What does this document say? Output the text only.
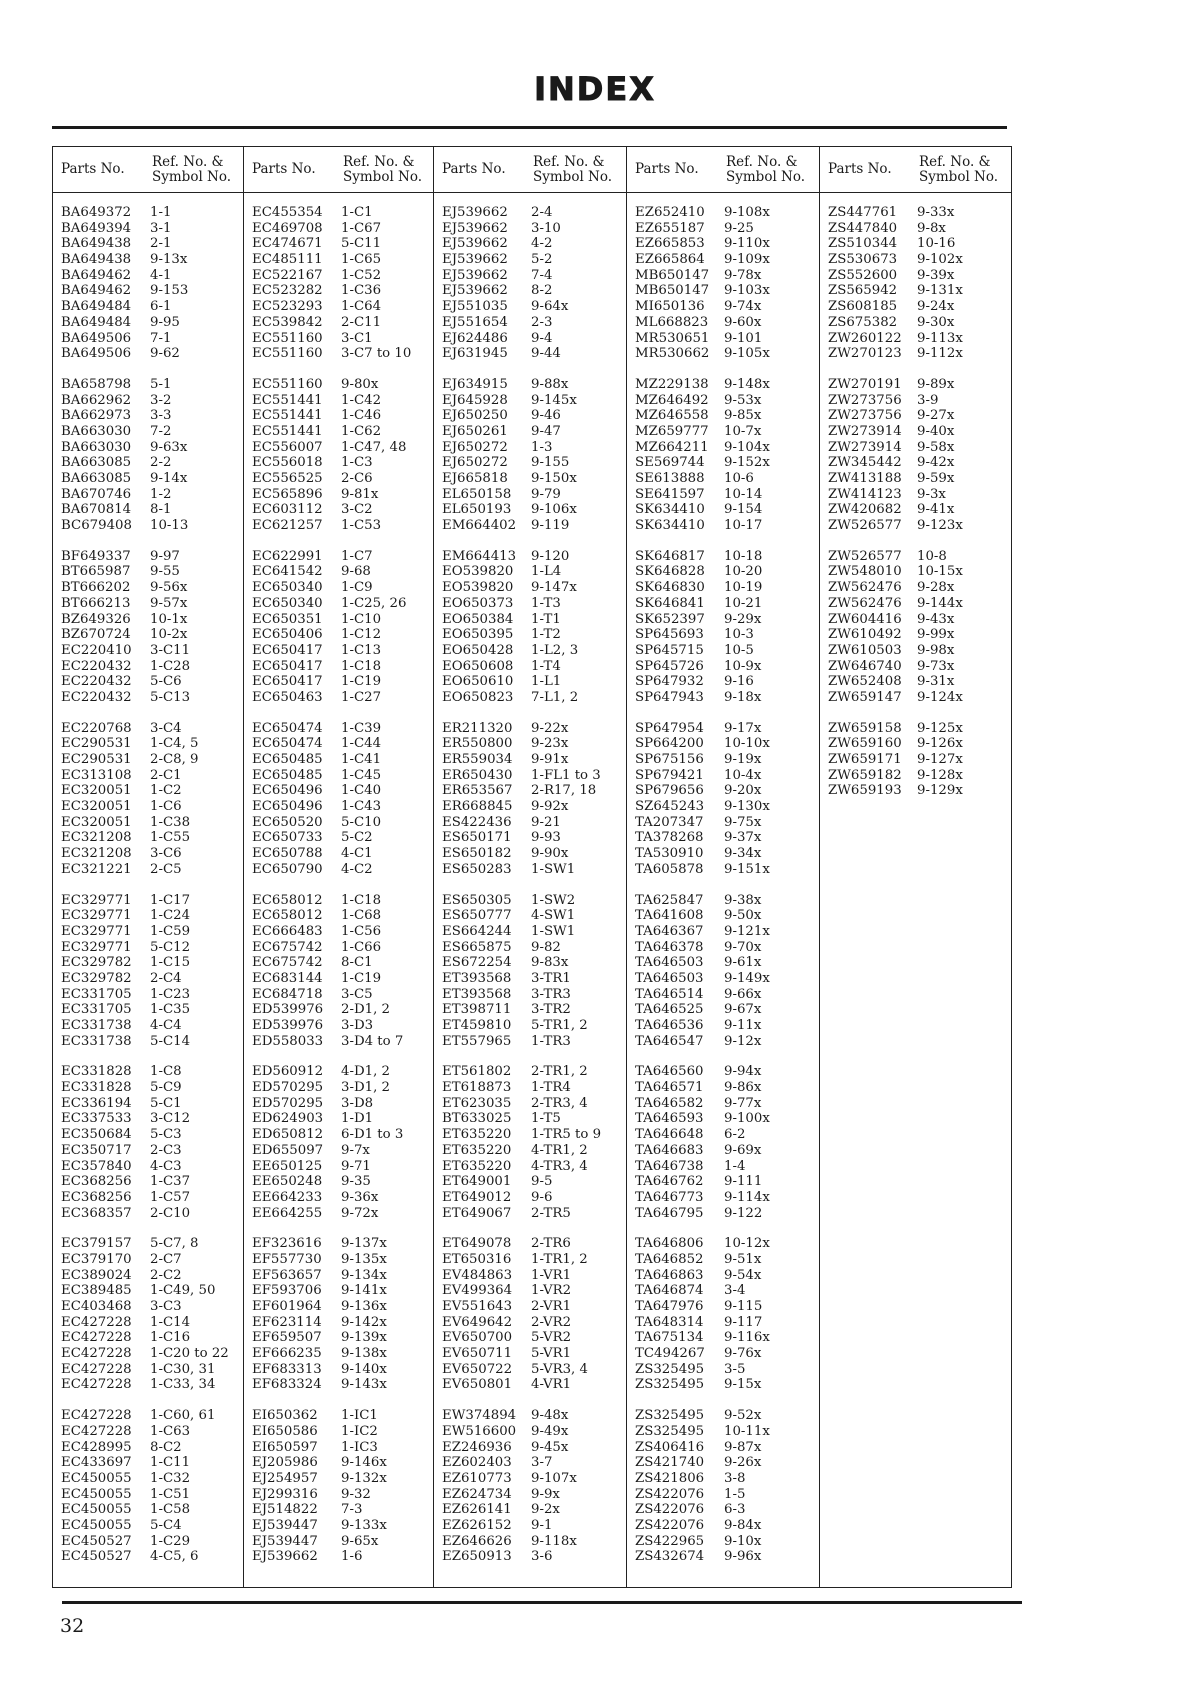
INDEX
Parts No.	Ref. No. &
Symbol No.
BA649372	1-1
BA649394	3-1
BA649438	2-1
BA649438	9-13x
BA649462	4-1
BA649462	9-153
BA649484	6-1
BA649484	9-95
BA649506	7-1
BA649506	9-62
BA658798	5-1
BA662962	3-2
BA662973	3-3
BA663030	7-2
BA663030	9-63x
BA663085	2-2
BA663085	9-14x
BA670746	1-2
BA670814	8-1
BC679408	10-13
BF649337	9-97
BT665987	9-55
BT666202	9-56x
BT666213	9-57x
BZ649326	10-1x
BZ670724	10-2x
EC220410	3-C11
EC220432	1-C28
EC220432	5-C6
EC220432	5-C13
EC220768	3-C4
EC290531	1-C4, 5
EC290531	2-C8, 9
EC313108	2-C1
EC320051	1-C2
EC320051	1-C6
EC320051	1-C38
EC321208	1-C55
EC321208	3-C6
EC321221	2-C5
EC329771	1-C17
EC329771	1-C24
EC329771	1-C59
EC329771	5-C12
EC329782	1-C15
EC329782	2-C4
EC331705	1-C23
EC331705	1-C35
EC331738	4-C4
EC331738	5-C14
EC331828	1-C8
EC331828	5-C9
EC336194	5-C1
EC337533	3-C12
EC350684	5-C3
EC350717	2-C3
EC357840	4-C3
EC368256	1-C37
EC368256	1-C57
EC368357	2-C10
EC379157	5-C7, 8
EC379170	2-C7
EC389024	2-C2
EC389485	1-C49, 50
EC403468	3-C3
EC427228	1-C14
EC427228	1-C16
EC427228	1-C20 to 22
EC427228	1-C30, 31
EC427228	1-C33, 34
EC427228	1-C60, 61
EC427228	1-C63
EC428995	8-C2
EC433697	1-C11
EC450055	1-C32
EC450055	1-C51
EC450055	1-C58
EC450055	5-C4
EC450527	1-C29
EC450527	4-C5, 6
Parts No.	Ref. No. &
Symbol No.
EC455354	1-C1
EC469708	1-C67
EC474671	5-C11
EC485111	1-C65
EC522167	1-C52
EC523282	1-C36
EC523293	1-C64
EC539842	2-C11
EC551160	3-C1
EC551160	3-C7 to 10
EC551160	9-80x
EC551441	1-C42
EC551441	1-C46
EC551441	1-C62
EC556007	1-C47, 48
EC556018	1-C3
EC556525	2-C6
EC565896	9-81x
EC603112	3-C2
EC621257	1-C53
EC622991	1-C7
EC641542	9-68
EC650340	1-C9
EC650340	1-C25, 26
EC650351	1-C10
EC650406	1-C12
EC650417	1-C13
EC650417	1-C18
EC650417	1-C19
EC650463	1-C27
EC650474	1-C39
EC650474	1-C44
EC650485	1-C41
EC650485	1-C45
EC650496	1-C40
EC650496	1-C43
EC650520	5-C10
EC650733	5-C2
EC650788	4-C1
EC650790	4-C2
EC658012	1-C18
EC658012	1-C68
EC666483	1-C56
EC675742	1-C66
EC675742	8-C1
EC683144	1-C19
EC684718	3-C5
ED539976	2-D1, 2
ED539976	3-D3
ED558033	3-D4 to 7
ED560912	4-D1, 2
ED570295	3-D1, 2
ED570295	3-D8
ED624903	1-D1
ED650812	6-D1 to 3
ED655097	9-7x
EE650125	9-71
EE650248	9-35
EE664233	9-36x
EE664255	9-72x
EF323616	9-137x
EF557730	9-135x
EF563657	9-134x
EF593706	9-141x
EF601964	9-136x
EF623114	9-142x
EF659507	9-139x
EF666235	9-138x
EF683313	9-140x
EF683324	9-143x
EI650362	1-IC1
EI650586	1-IC2
EI650597	1-IC3
EJ205986	9-146x
EJ254957	9-132x
EJ299316	9-32
EJ514822	7-3
EJ539447	9-133x
EJ539447	9-65x
EJ539662	1-6
Parts No.	Ref. No. &
Symbol No.
EJ539662	2-4
EJ539662	3-10
EJ539662	4-2
EJ539662	5-2
EJ539662	7-4
EJ539662	8-2
EJ551035	9-64x
EJ551654	2-3
EJ624486	9-4
EJ631945	9-44
EJ634915	9-88x
EJ645928	9-145x
EJ650250	9-46
EJ650261	9-47
EJ650272	1-3
EJ650272	9-155
EJ665818	9-150x
EL650158	9-79
EL650193	9-106x
EM664402	9-119
EM664413	9-120
EO539820	1-L4
EO539820	9-147x
EO650373	1-T3
EO650384	1-T1
EO650395	1-T2
EO650428	1-L2, 3
EO650608	1-T4
EO650610	1-L1
EO650823	7-L1, 2
ER211320	9-22x
ER550800	9-23x
ER559034	9-91x
ER650430	1-FL1 to 3
ER653567	2-R17, 18
ER668845	9-92x
ES422436	9-21
ES650171	9-93
ES650182	9-90x
ES650283	1-SW1
ES650305	1-SW2
ES650777	4-SW1
ES664244	1-SW1
ES665875	9-82
ES672254	9-83x
ET393568	3-TR1
ET393568	3-TR3
ET398711	3-TR2
ET459810	5-TR1, 2
ET557965	1-TR3
ET561802	2-TR1, 2
ET618873	1-TR4
ET623035	2-TR3, 4
BT633025	1-T5
ET635220	1-TR5 to 9
ET635220	4-TR1, 2
ET635220	4-TR3, 4
ET649001	9-5
ET649012	9-6
ET649067	2-TR5
ET649078	2-TR6
ET650316	1-TR1, 2
EV484863	1-VR1
EV499364	1-VR2
EV551643	2-VR1
EV649642	2-VR2
EV650700	5-VR2
EV650711	5-VR1
EV650722	5-VR3, 4
EV650801	4-VR1
EW374894	9-48x
EW516600	9-49x
EZ246936	9-45x
EZ602403	3-7
EZ610773	9-107x
EZ624734	9-9x
EZ626141	9-2x
EZ626152	9-1
EZ646626	9-118x
EZ650913	3-6
Parts No.	Ref. No. &
Symbol No.
EZ652410	9-108x
EZ655187	9-25
EZ665853	9-110x
EZ665864	9-109x
MB650147	9-78x
MB650147	9-103x
MI650136	9-74x
ML668823	9-60x
MR530651	9-101
MR530662	9-105x
MZ229138	9-148x
MZ646492	9-53x
MZ646558	9-85x
MZ659777	10-7x
MZ664211	9-104x
SE569744	9-152x
SE613888	10-6
SE641597	10-14
SK634410	9-154
SK634410	10-17
SK646817	10-18
SK646828	10-20
SK646830	10-19
SK646841	10-21
SK652397	9-29x
SP645693	10-3
SP645715	10-5
SP645726	10-9x
SP647932	9-16
SP647943	9-18x
SP647954	9-17x
SP664200	10-10x
SP675156	9-19x
SP679421	10-4x
SP679656	9-20x
SZ645243	9-130x
TA207347	9-75x
TA378268	9-37x
TA530910	9-34x
TA605878	9-151x
TA625847	9-38x
TA641608	9-50x
TA646367	9-121x
TA646378	9-70x
TA646503	9-61x
TA646503	9-149x
TA646514	9-66x
TA646525	9-67x
TA646536	9-11x
TA646547	9-12x
TA646560	9-94x
TA646571	9-86x
TA646582	9-77x
TA646593	9-100x
TA646648	6-2
TA646683	9-69x
TA646738	1-4
TA646762	9-111
TA646773	9-114x
TA646795	9-122
TA646806	10-12x
TA646852	9-51x
TA646863	9-54x
TA646874	3-4
TA647976	9-115
TA648314	9-117
TA675134	9-116x
TC494267	9-76x
ZS325495	3-5
ZS325495	9-15x
ZS325495	9-52x
ZS325495	10-11x
ZS406416	9-87x
ZS421740	9-26x
ZS421806	3-8
ZS422076	1-5
ZS422076	6-3
ZS422076	9-84x
ZS422965	9-10x
ZS432674	9-96x
Parts No.	Ref. No. &
Symbol No.
ZS447761	9-33x
ZS447840	9-8x
ZS510344	10-16
ZS530673	9-102x
ZS552600	9-39x
ZS565942	9-131x
ZS608185	9-24x
ZS675382	9-30x
ZW260122	9-113x
ZW270123	9-112x
ZW270191	9-89x
ZW273756	3-9
ZW273756	9-27x
ZW273914	9-40x
ZW273914	9-58x
ZW345442	9-42x
ZW413188	9-59x
ZW414123	9-3x
ZW420682	9-41x
ZW526577	9-123x
ZW526577	10-8
ZW548010	10-15x
ZW562476	9-28x
ZW562476	9-144x
ZW604416	9-43x
ZW610492	9-99x
ZW610503	9-98x
ZW646740	9-73x
ZW652408	9-31x
ZW659147	9-124x
ZW659158	9-125x
ZW659160	9-126x
ZW659171	9-127x
ZW659182	9-128x
ZW659193	9-129x
32
